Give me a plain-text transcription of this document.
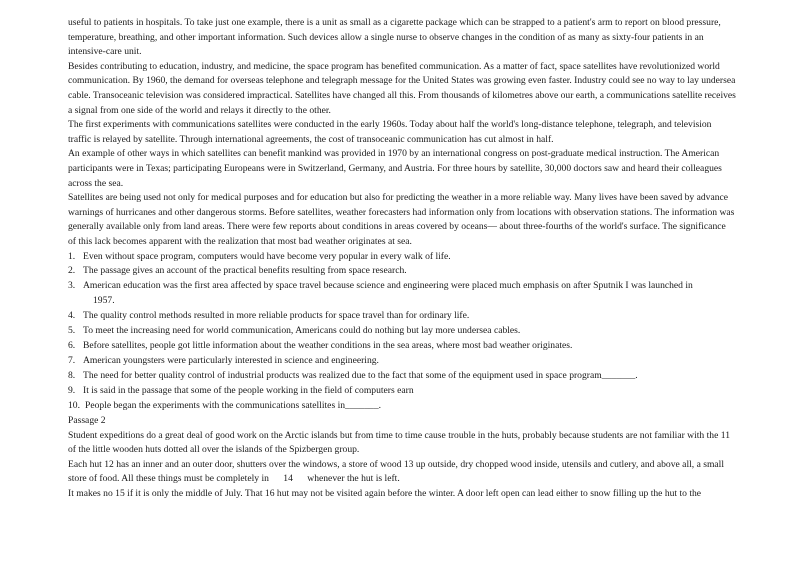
useful to patients in hospitals. To take just one example, there is a unit as small as a cigarette package which can be strapped to a patient's arm to report on blood pressure, temperature, breathing, and other important information. Such devices allow a single nurse to observe changes in the condition of as many as sixty-four patients in an intensive-care unit.

Besides contributing to education, industry, and medicine, the space program has benefited communication. As a matter of fact, space satellites have revolutionized world communication. By 1960, the demand for overseas telephone and telegraph message for the United States was growing even faster. Industry could see no way to lay undersea cable. Transoceanic television was considered impractical. Satellites have changed all this. From thousands of kilometres above our earth, a communications satellite receives a signal from one side of the world and relays it directly to the other.

The first experiments with communications satellites were conducted in the early 1960s. Today about half the world's long-distance telephone, telegraph, and television traffic is relayed by satellite. Through international agreements, the cost of transoceanic communication has cut almost in half.

An example of other ways in which satellites can benefit mankind was provided in 1970 by an international congress on post-graduate medical instruction. The American participants were in Texas; participating Europeans were in Switzerland, Germany, and Austria. For three hours by satellite, 30,000 doctors saw and heard their colleagues across the sea.

Satellites are being used not only for medical purposes and for education but also for predicting the weather in a more reliable way. Many lives have been saved by advance warnings of hurricanes and other dangerous storms. Before satellites, weather forecasters had information only from locations with observation stations. The information was generally available only from land areas. There were few reports about conditions in areas covered by oceans— about three-fourths of the world's surface. The significance of this lack becomes apparent with the realization that most bad weather originates at sea.

1. Even without space program, computers would have become very popular in every walk of life.
2. The passage gives an account of the practical benefits resulting from space research.
3. American education was the first area affected by space travel because science and engineering were placed much emphasis on after Sputnik I was launched in
1957.
4. The quality control methods resulted in more reliable products for space travel than for ordinary life.
5. To meet the increasing need for world communication, Americans could do nothing but lay more undersea cables.
6. Before satellites, people got little information about the weather conditions in the sea areas, where most bad weather originates.
7. American youngsters were particularly interested in science and engineering.
8. The need for better quality control of industrial products was realized due to the fact that some of the equipment used in space program_______.
9. It is said in the passage that some of the people working in the field of computers earn
10. People began the experiments with the communications satellites in_______.

Passage 2

Student expeditions do a great deal of good work on the Arctic islands but from time to time cause trouble in the huts, probably because students are not familiar with the 11 of the little wooden huts dotted all over the islands of the Spizbergen group.

Each hut 12 has an inner and an outer door, shutters over the windows, a store of wood 13 up outside, dry chopped wood inside, utensils and cutlery, and above all, a small store of food. All these things must be completely in      14      whenever the hut is left.

It makes no 15 if it is only the middle of July. That 16 hut may not be visited again before the winter. A door left open can lead either to snow filling up the hut to the
